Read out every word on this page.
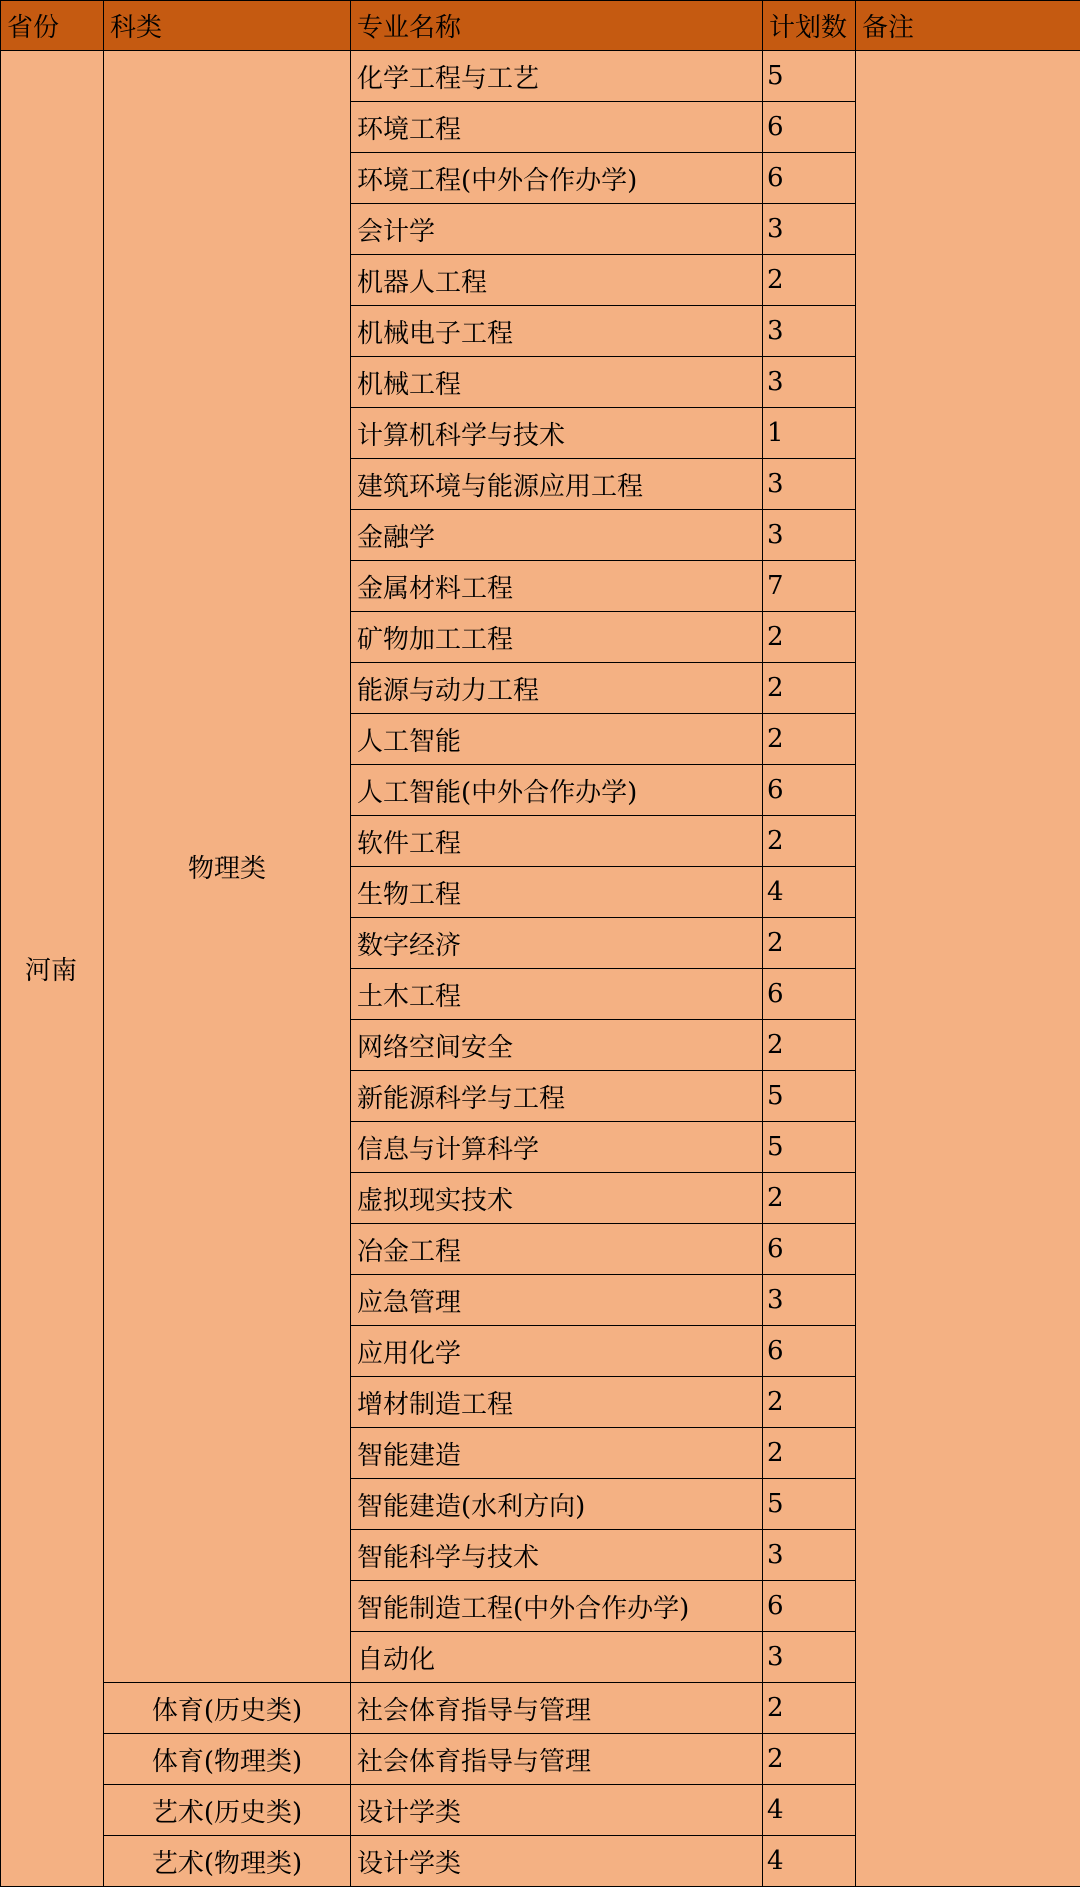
省份	科类	专业名称	计划数	备注
河南	物理类	化学工程与工艺	5	
		环境工程	6	
		环境工程(中外合作办学)	6	
		会计学	3	
		机器人工程	2	
		机械电子工程	3	
		机械工程	3	
		计算机科学与技术	1	
		建筑环境与能源应用工程	3	
		金融学	3	
		金属材料工程	7	
		矿物加工工程	2	
		能源与动力工程	2	
		人工智能	2	
		人工智能(中外合作办学)	6	
		软件工程	2	
		生物工程	4	
		数字经济	2	
		土木工程	6	
		网络空间安全	2	
		新能源科学与工程	5	
		信息与计算科学	5	
		虚拟现实技术	2	
		冶金工程	6	
		应急管理	3	
		应用化学	6	
		增材制造工程	2	
		智能建造	2	
		智能建造(水利方向)	5	
		智能科学与技术	3	
		智能制造工程(中外合作办学)	6	
		自动化	3	
	体育(历史类)	社会体育指导与管理	2	
	体育(物理类)	社会体育指导与管理	2	
	艺术(历史类)	设计学类	4	
	艺术(物理类)	设计学类	4	
